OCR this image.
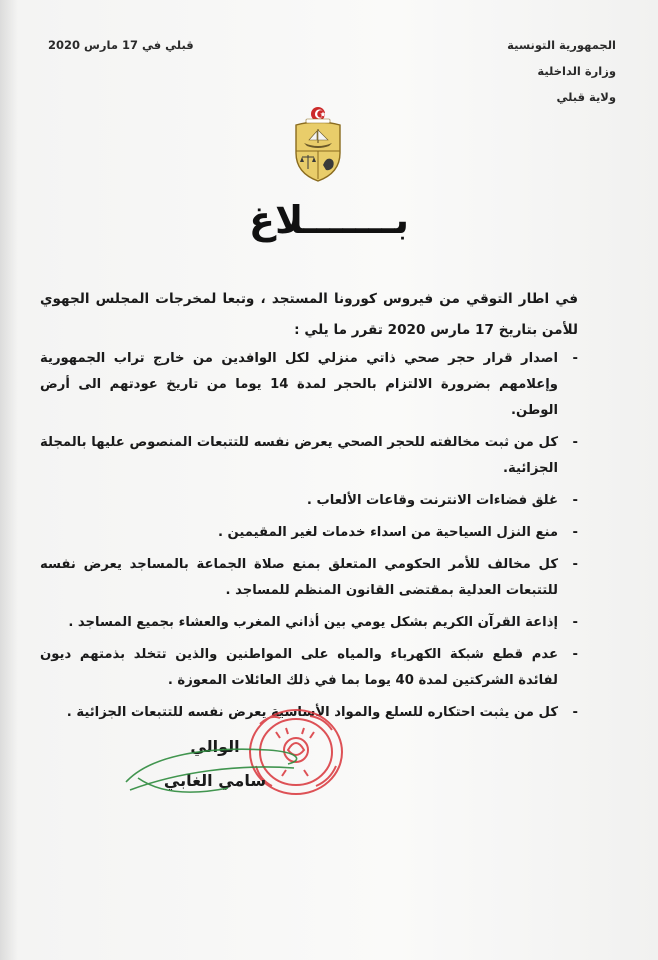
الجمهورية التونسية
وزارة الداخلية
ولاية قبلي
قبلي في 17 مارس 2020
بـــــــلاغ
في اطار التوقي من فيروس كورونا المستجد ، وتبعا لمخرجات المجلس الجهوي للأمن بتاريخ 17 مارس 2020 تقرر ما يلي :
-
اصدار قرار حجر صحي ذاتي منزلي لكل الوافدين من خارج تراب الجمهورية وإعلامهم بضرورة الالتزام بالحجر لمدة 14 يوما من تاريخ عودتهم الى أرض الوطن.
-
كل من ثبت مخالفته للحجر الصحي يعرض نفسه للتتبعات المنصوص عليها بالمجلة الجزائية.
-
غلق فضاءات الانترنت وقاعات الألعاب .
-
منع النزل السياحية من اسداء خدمات لغير المقيمين .
-
كل مخالف للأمر الحكومي المتعلق بمنع صلاة الجماعة بالمساجد يعرض نفسه للتتبعات العدلية بمقتضى القانون المنظم للمساجد .
-
إذاعة القرآن الكريم بشكل يومي بين أذاني المغرب والعشاء بجميع المساجد .
-
عدم قطع شبكة الكهرباء والمياه على المواطنين والذين تتخلد بذمتهم ديون لفائدة الشركتين لمدة 40 يوما بما في ذلك العائلات المعوزة .
-
كل من يثبت احتكاره للسلع والمواد الأساسية يعرض نفسه للتتبعات الجزائية .
الوالي
سامي الغابي
